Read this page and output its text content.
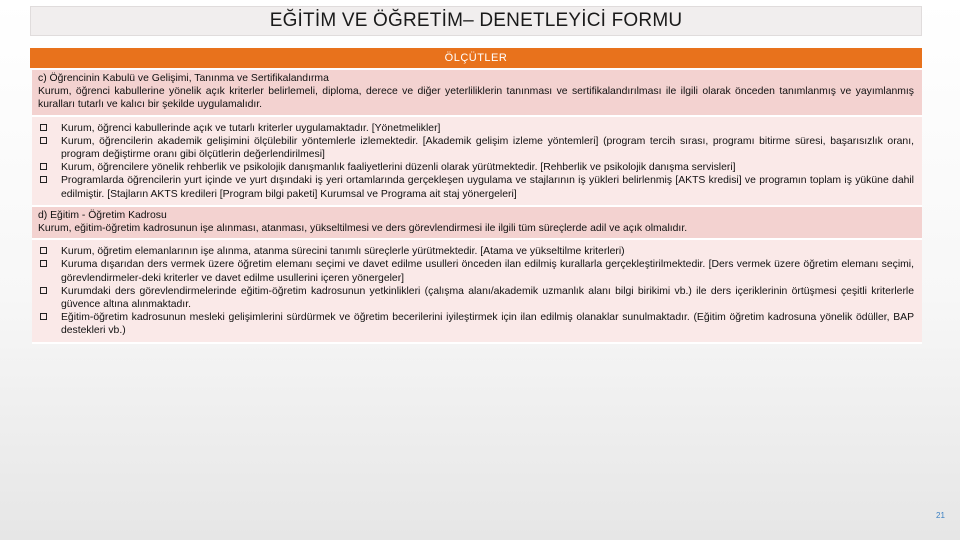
EĞİTİM VE ÖĞRETİM– DENETLEYİCİ FORMU
ÖLÇÜTLER
c) Öğrencinin Kabulü ve Gelişimi, Tanınma ve Sertifikalandırma
Kurum, öğrenci kabullerine yönelik açık kriterler belirlemeli, diploma, derece ve diğer yeterliliklerin tanınması ve sertifikalandırılması ile ilgili olarak önceden tanımlanmış ve yayımlanmış kuralları tutarlı ve kalıcı bir şekilde uygulamalıdır.
Kurum, öğrenci kabullerinde açık ve tutarlı kriterler uygulamaktadır. [Yönetmelikler]
Kurum, öğrencilerin akademik gelişimini ölçülebilir yöntemlerle izlemektedir. [Akademik gelişim izleme yöntemleri] (program tercih sırası, programı bitirme süresi, başarısızlık oranı, program değiştirme oranı gibi ölçütlerin değerlendirilmesi]
Kurum, öğrencilere yönelik rehberlik ve psikolojik danışmanlık faaliyetlerini düzenli olarak yürütmektedir. [Rehberlik ve psikolojik danışma servisleri]
Programlarda öğrencilerin yurt içinde ve yurt dışındaki iş yeri ortamlarında gerçekleşen uygulama ve stajlarının iş yükleri belirlenmiş [AKTS kredisi] ve programın toplam iş yüküne dahil edilmiştir. [Stajların AKTS kredileri [Program bilgi paketi] Kurumsal ve Programa ait staj yönergeleri]
d) Eğitim - Öğretim Kadrosu
Kurum, eğitim-öğretim kadrosunun işe alınması, atanması, yükseltilmesi ve ders görevlendirmesi ile ilgili tüm süreçlerde adil ve açık olmalıdır.
Kurum, öğretim elemanlarının işe alınma, atanma sürecini tanımlı süreçlerle yürütmektedir. [Atama ve yükseltilme kriterleri)
Kuruma dışarıdan ders vermek üzere öğretim elemanı seçimi ve davet edilme usulleri önceden ilan edilmiş kurallarla gerçekleştirilmektedir. [Ders vermek üzere öğretim elemanı seçimi, görevlendirmeler-deki kriterler ve davet edilme usullerini içeren yönergeler]
Kurumdaki ders görevlendirmelerinde eğitim-öğretim kadrosunun yetkinlikleri (çalışma alanı/akademik uzmanlık alanı bilgi birikimi vb.) ile ders içeriklerinin örtüşmesi çeşitli kriterlerle güvence altına alınmaktadır.
Eğitim-öğretim kadrosunun mesleki gelişimlerini sürdürmek ve öğretim becerilerini iyileştirmek için ilan edilmiş olanaklar sunulmaktadır. (Eğitim öğretim kadrosuna yönelik ödüller, BAP destekleri vb.)
21
